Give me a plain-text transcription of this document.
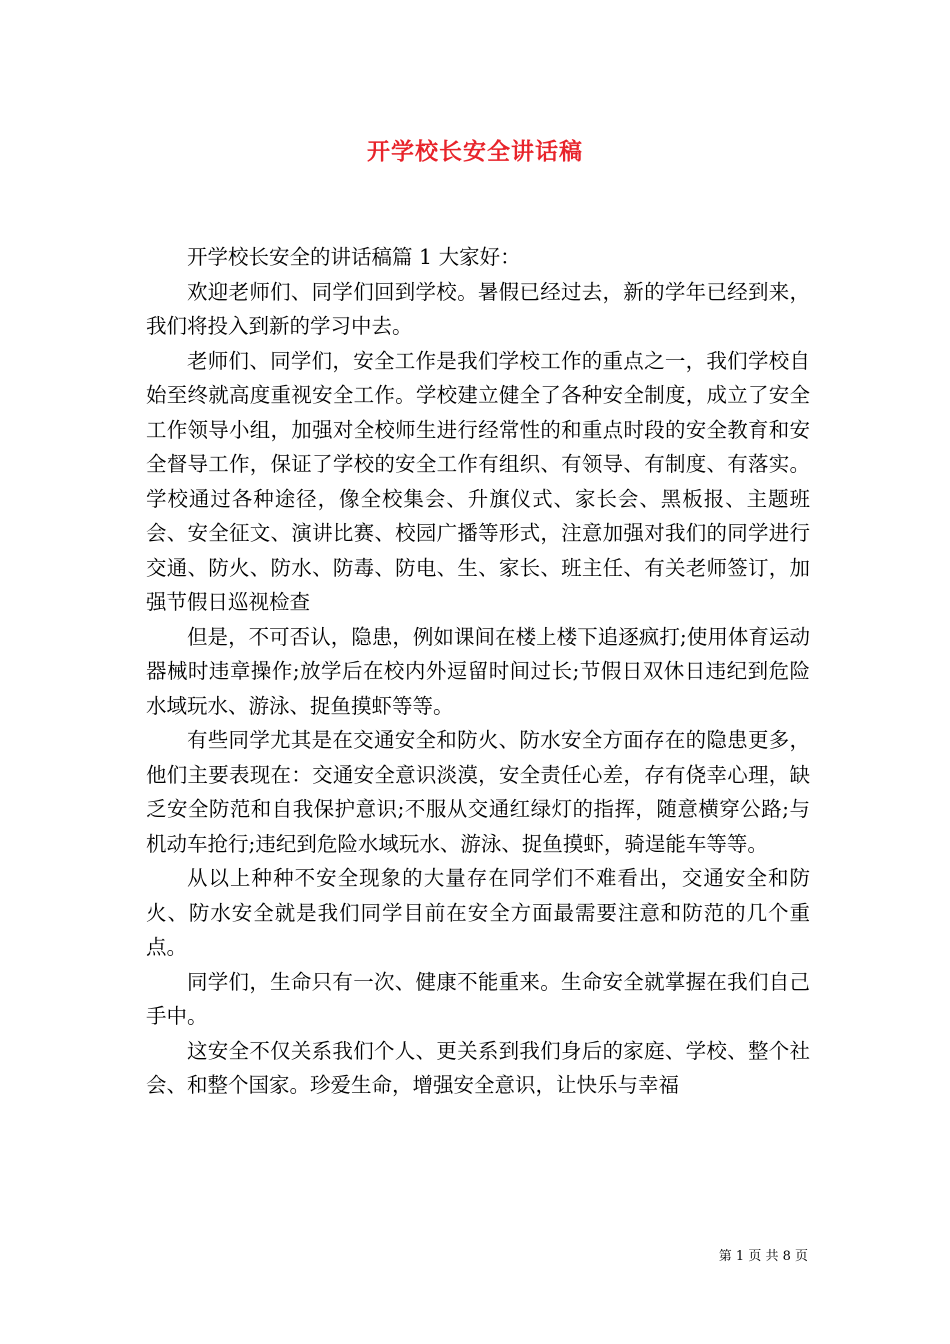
开学校长安全讲话稿

开学校长安全的讲话稿篇 1 大家好：

欢迎老师们、同学们回到学校。暑假已经过去，新的学年已经到来，我们将投入到新的学习中去。

老师们、同学们，安全工作是我们学校工作的重点之一，我们学校自始至终就高度重视安全工作。学校建立健全了各种安全制度，成立了安全工作领导小组，加强对全校师生进行经常性的和重点时段的安全教育和安全督导工作，保证了学校的安全工作有组织、有领导、有制度、有落实。学校通过各种途径，像全校集会、升旗仪式、家长会、黑板报、主题班会、安全征文、演讲比赛、校园广播等形式，注意加强对我们的同学进行交通、防火、防水、防毒、防电、生、家长、班主任、有关老师签订，加强节假日巡视检查

但是，不可否认，隐患，例如课间在楼上楼下追逐疯打;使用体育运动器械时违章操作;放学后在校内外逗留时间过长;节假日双休日违纪到危险水域玩水、游泳、捉鱼摸虾等等。

有些同学尤其是在交通安全和防火、防水安全方面存在的隐患更多，他们主要表现在：交通安全意识淡漠，安全责任心差，存有侥幸心理，缺乏安全防范和自我保护意识;不服从交通红绿灯的指挥，随意横穿公路;与机动车抢行;违纪到危险水域玩水、游泳、捉鱼摸虾，骑逞能车等等。

从以上种种不安全现象的大量存在同学们不难看出，交通安全和防火、防水安全就是我们同学目前在安全方面最需要注意和防范的几个重点。

同学们，生命只有一次、健康不能重来。生命安全就掌握在我们自己手中。

这安全不仅关系我们个人、更关系到我们身后的家庭、学校、整个社会、和整个国家。珍爱生命，增强安全意识，让快乐与幸福

第 1 页 共 8 页
